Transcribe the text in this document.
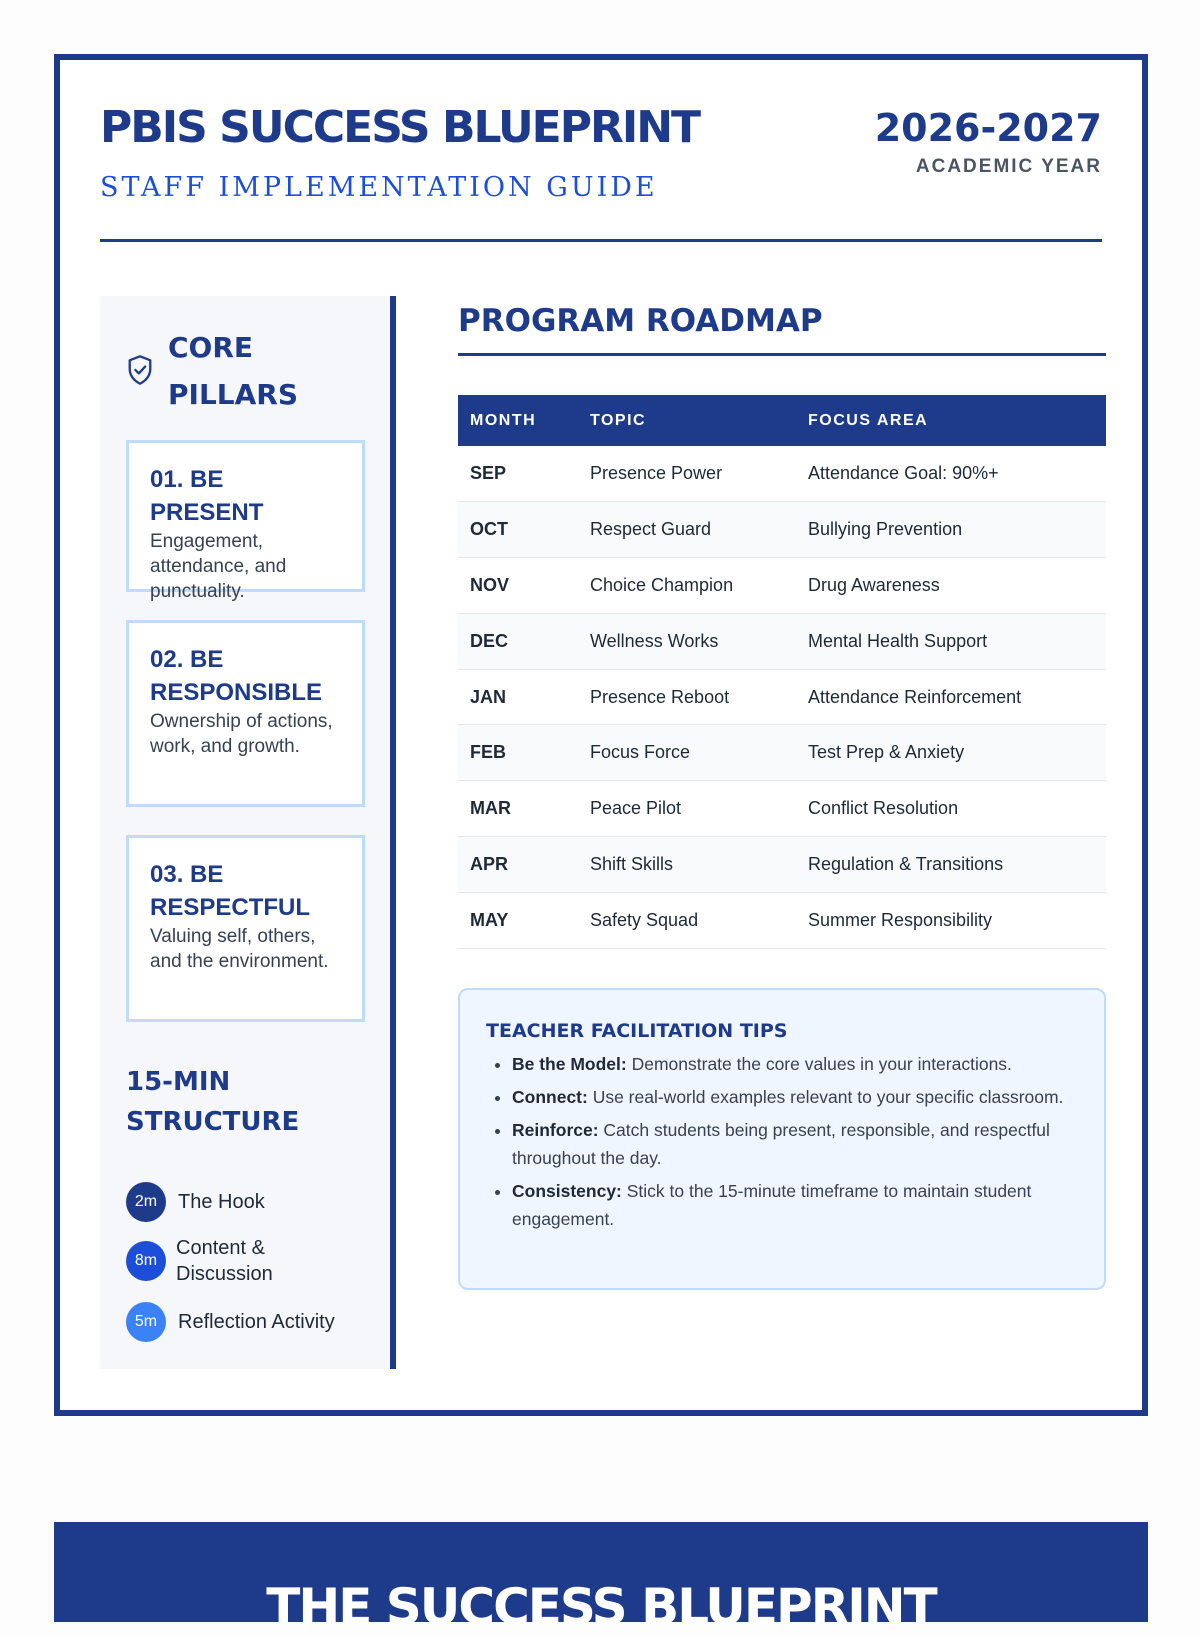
PBIS SUCCESS BLUEPRINT
STAFF IMPLEMENTATION GUIDE
2026-2027
ACADEMIC YEAR
CORE PILLARS
01. BE PRESENT
Engagement, attendance, and punctuality.
02. BE RESPONSIBLE
Ownership of actions, work, and growth.
03. BE RESPECTFUL
Valuing self, others, and the environment.
15-MIN STRUCTURE
2m	The Hook
8m
Content & Discussion
5m	Reflection Activity
PROGRAM ROADMAP
MONTH	TOPIC	FOCUS AREA
SEP	Presence Power	Attendance Goal: 90%+
OCT	Respect Guard	Bullying Prevention
NOV	Choice Champion	Drug Awareness
DEC	Wellness Works	Mental Health Support
JAN	Presence Reboot	Attendance Reinforcement
FEB	Focus Force	Test Prep & Anxiety
MAR	Peace Pilot	Conflict Resolution
APR	Shift Skills	Regulation & Transitions
MAY	Safety Squad	Summer Responsibility
TEACHER FACILITATION TIPS
• Be the Model: Demonstrate the core values in your interactions.
• Connect: Use real-world examples relevant to your specific classroom.
• Reinforce: Catch students being present, responsible, and respectful throughout the day.
• Consistency: Stick to the 15-minute timeframe to maintain student engagement.
THE SUCCESS BLUEPRINT
